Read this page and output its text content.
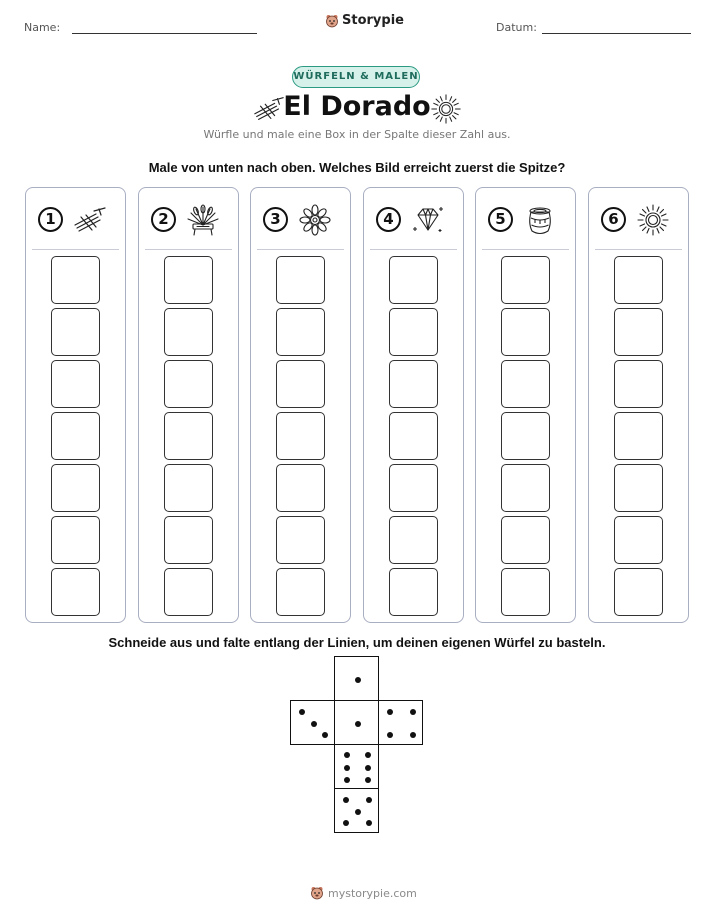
Name:	Storypie	Datum:
WÜRFELN & MALEN
El Dorado
Würfle und male eine Box in der Spalte dieser Zahl aus.
Male von unten nach oben. Welches Bild erreicht zuerst die Spitze?
1	2	3	4	5	6
Schneide aus und falte entlang der Linien, um deinen eigenen Würfel zu basteln.
mystorypie.com
